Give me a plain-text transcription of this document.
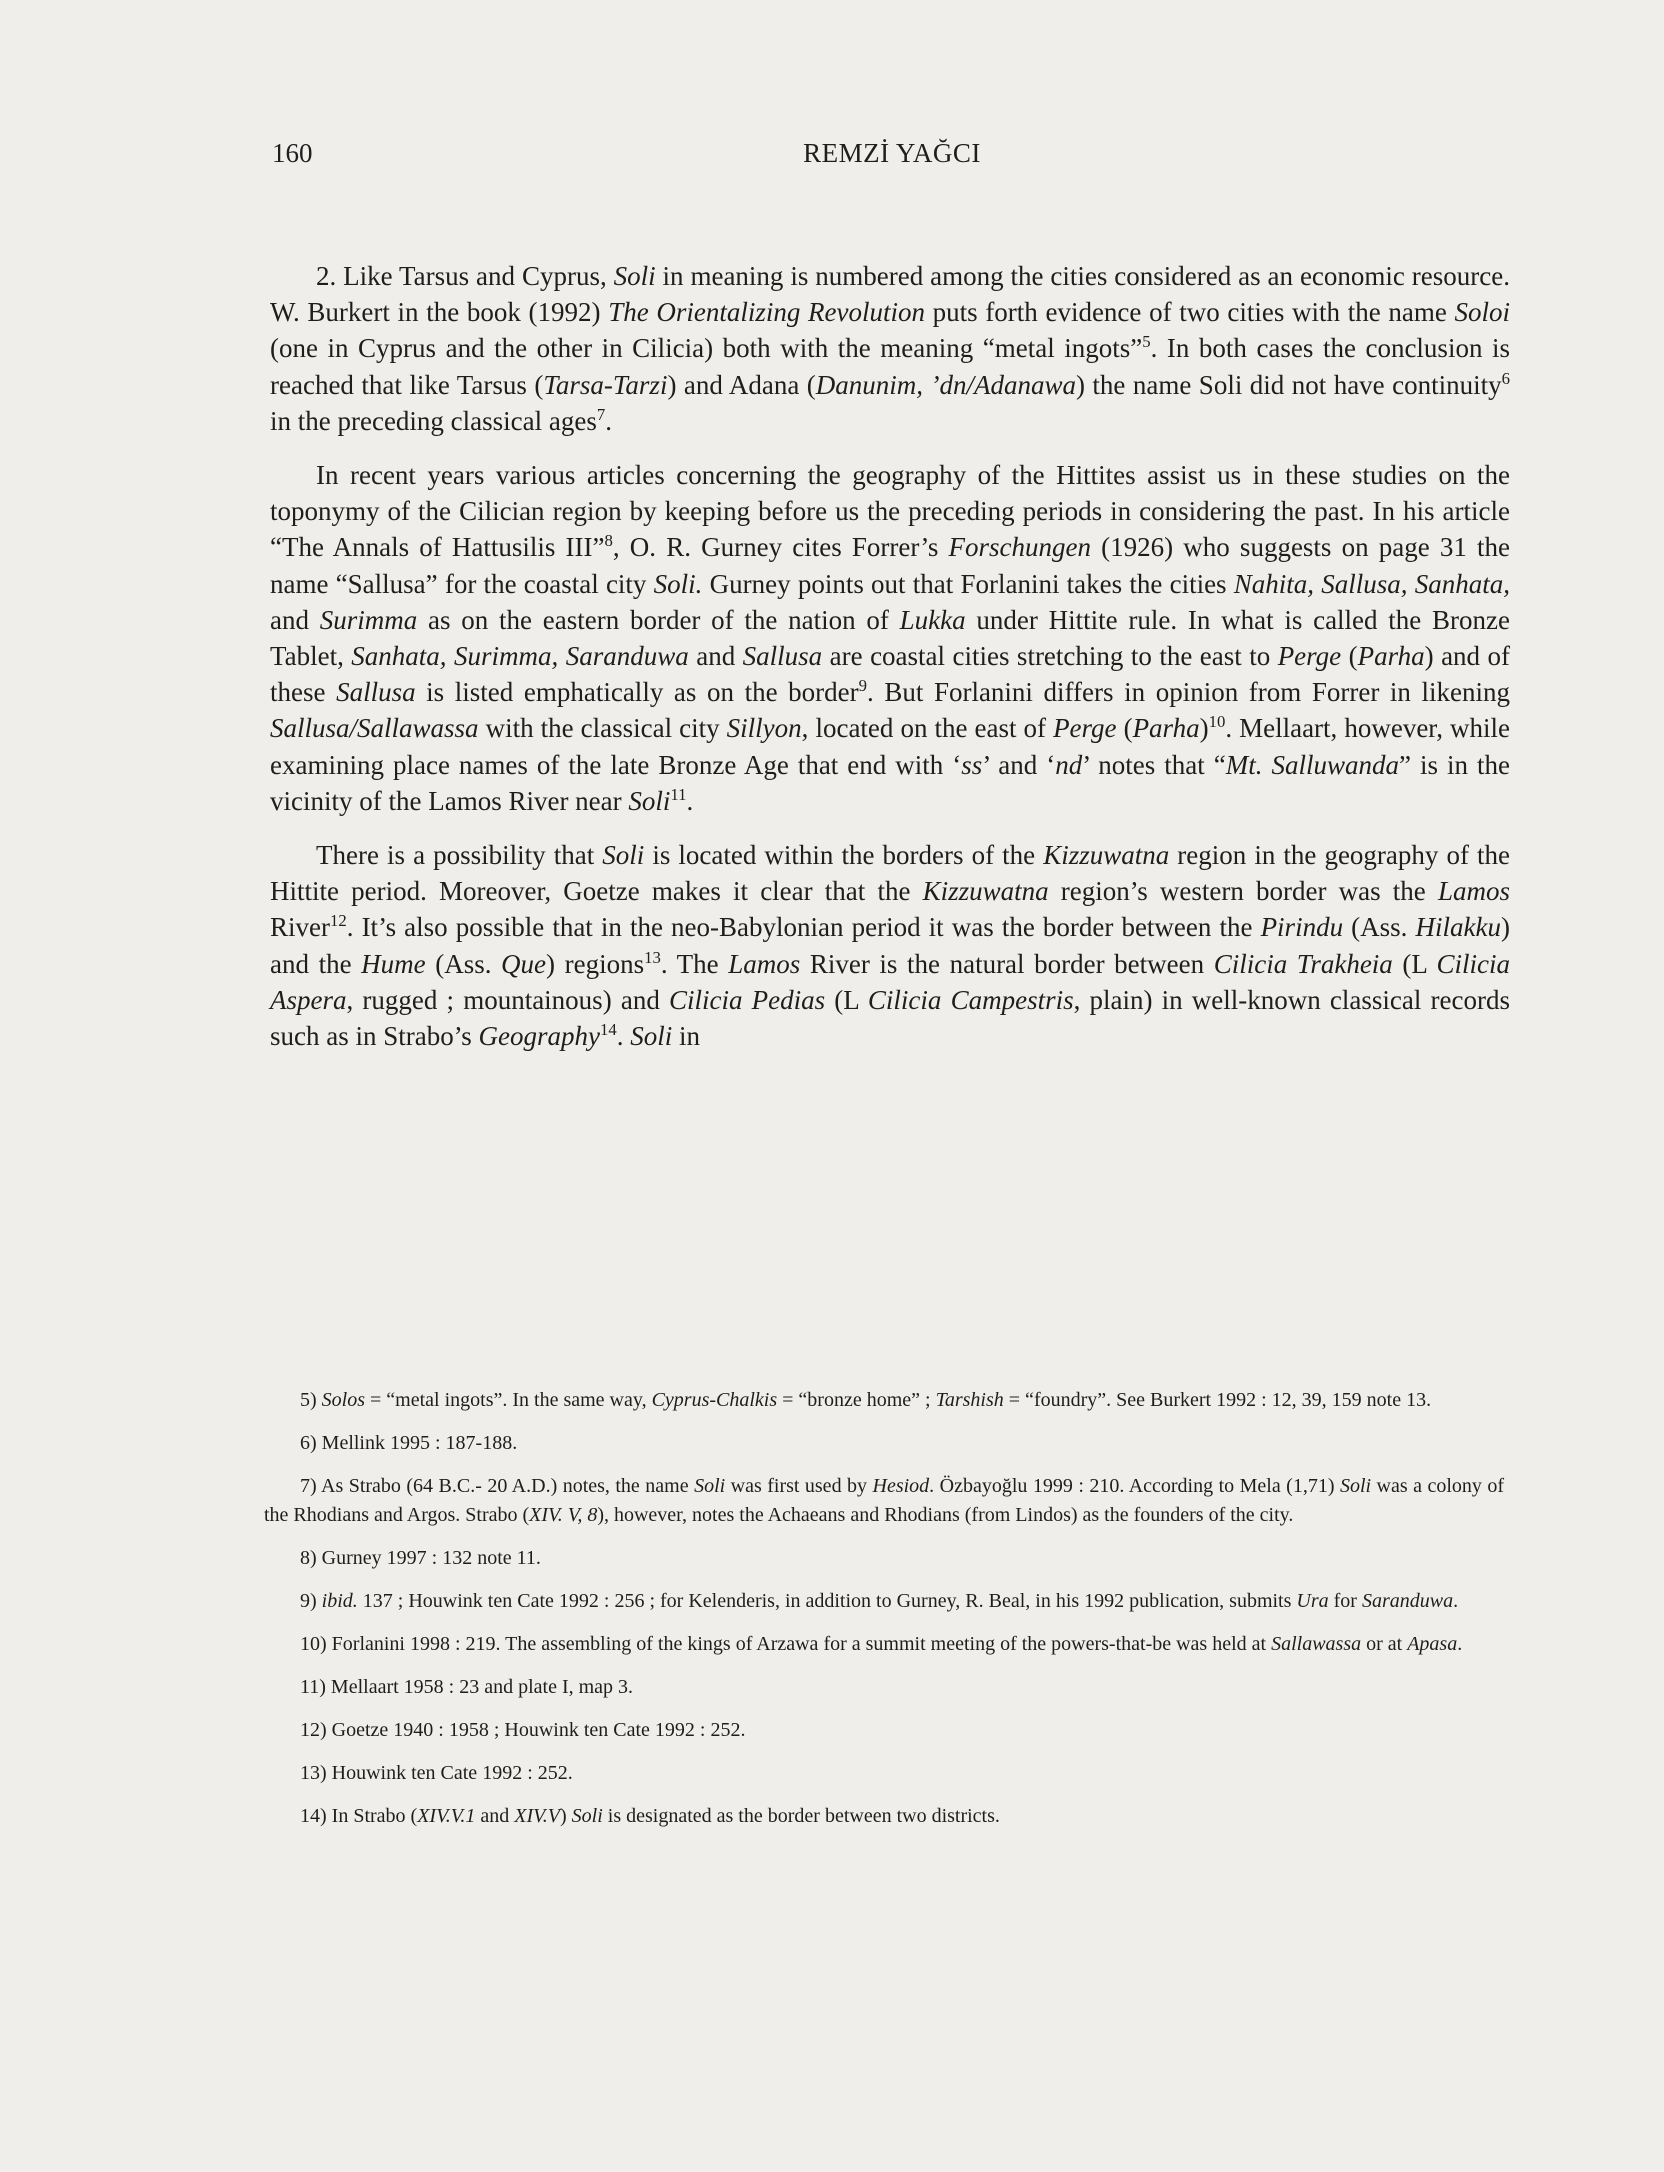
160	REMZİ YAĞCI

2. Like Tarsus and Cyprus, Soli in meaning is numbered among the cities considered as an economic resource. W. Burkert in the book (1992) The Orientalizing Revolution puts forth evidence of two cities with the name Soloi (one in Cyprus and the other in Cilicia) both with the meaning “metal ingots”$^5$. In both cases the conclusion is reached that like Tarsus (Tarsa-Tarzi) and Adana (Danunim, ’dn/Adanawa) the name Soli did not have continuity$^6$ in the preceding classical ages$^7$.

In recent years various articles concerning the geography of the Hittites assist us in these studies on the toponymy of the Cilician region by keeping before us the preceding periods in considering the past. In his article “The Annals of Hattusilis III”$^8$, O. R. Gurney cites Forrer’s Forschungen (1926) who suggests on page 31 the name “Sallusa” for the coastal city Soli. Gurney points out that Forlanini takes the cities Nahita, Sallusa, Sanhata, and Surimma as on the eastern border of the nation of Lukka under Hittite rule. In what is called the Bronze Tablet, Sanhata, Surimma, Saranduwa and Sallusa are coastal cities stretching to the east to Perge (Parha) and of these Sallusa is listed emphatically as on the border$^9$. But Forlanini differs in opinion from Forrer in likening Sallusa/Sallawassa with the classical city Sillyon, located on the east of Perge (Parha)$^{10}$. Mellaart, however, while examining place names of the late Bronze Age that end with ‘ss’ and ‘nd’ notes that “Mt. Salluwanda” is in the vicinity of the Lamos River near Soli$^{11}$.

There is a possibility that Soli is located within the borders of the Kizzuwatna region in the geography of the Hittite period. Moreover, Goetze makes it clear that the Kizzuwatna region’s western border was the Lamos River$^{12}$. It’s also possible that in the neo-Babylonian period it was the border between the Pirindu (Ass. Hilakku) and the Hume (Ass. Que) regions$^{13}$. The Lamos River is the natural border between Cilicia Trakheia (L Cilicia Aspera, rugged ; mountainous) and Cilicia Pedias (L Cilicia Campestris, plain) in well-known classical records such as in Strabo’s Geography$^{14}$. Soli in

5) Solos = “metal ingots”. In the same way, Cyprus-Chalkis = “bronze home” ; Tarshish = “foundry”. See Burkert 1992 : 12, 39, 159 note 13.

6) Mellink 1995 : 187-188.

7) As Strabo (64 B.C.- 20 A.D.) notes, the name Soli was first used by Hesiod. Özbayoğlu 1999 : 210. According to Mela (1,71) Soli was a colony of the Rhodians and Argos. Strabo (XIV. V, 8), however, notes the Achaeans and Rhodians (from Lindos) as the founders of the city.

8) Gurney 1997 : 132 note 11.

9) ibid. 137 ; Houwink ten Cate 1992 : 256 ; for Kelenderis, in addition to Gurney, R. Beal, in his 1992 publication, submits Ura for Saranduwa.

10) Forlanini 1998 : 219. The assembling of the kings of Arzawa for a summit meeting of the powers-that-be was held at Sallawassa or at Apasa.

11) Mellaart 1958 : 23 and plate I, map 3.

12) Goetze 1940 : 1958 ; Houwink ten Cate 1992 : 252.

13) Houwink ten Cate 1992 : 252.

14) In Strabo (XIV.V.1 and XIV.V) Soli is designated as the border between two districts.
